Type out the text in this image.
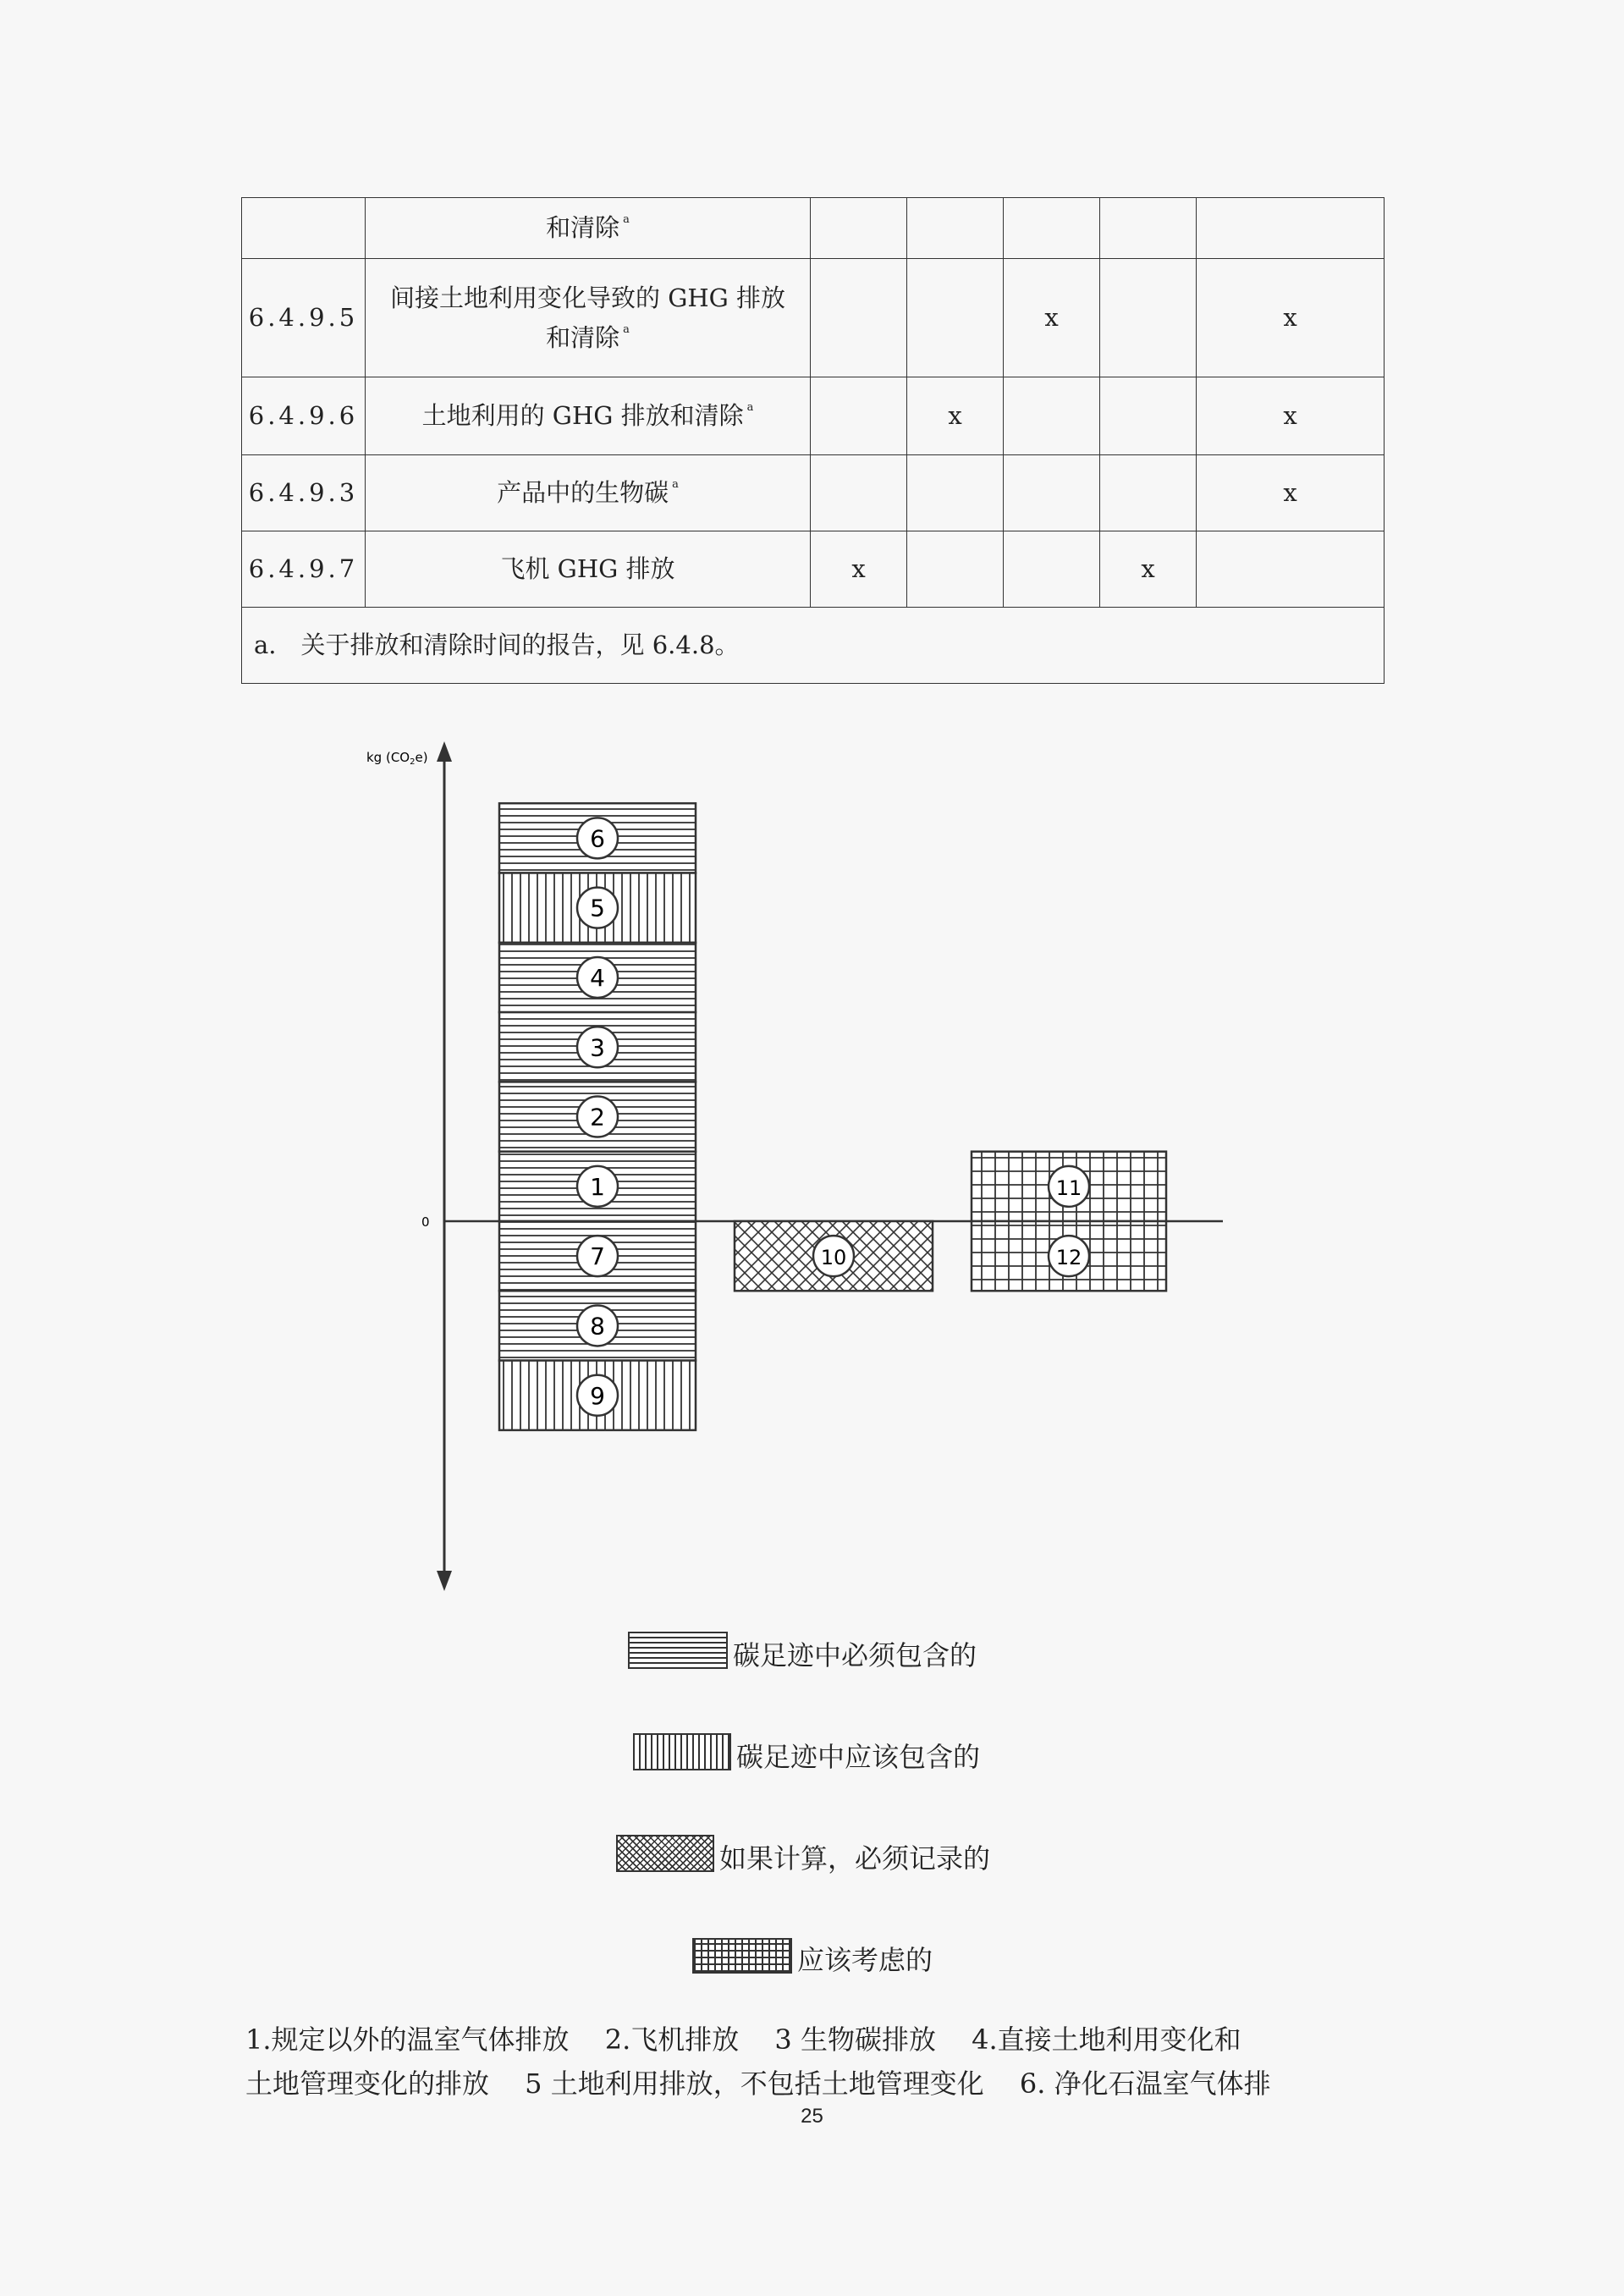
	和清除 $^a$

6.4.9.5	间接土地利用变化导致的 GHG 排放
和清除 $^a$			x		x
6.4.9.6	土地利用的 GHG 排放和清除 $^a$		x			x
6.4.9.3	产品中的生物碳 $^a$					x
6.4.9.7	飞机 GHG 排放	x			x	
a.　关于排放和清除时间的报告，见 6.4.8。						
kg $(CO_2e)$
0
6
5
4
3
2
1
7
8
9
10
11
12
碳足迹中必须包含的
碳足迹中应该包含的
如果计算，必须记录的
应该考虑的
1.规定以外的温室气体排放　 2.飞机排放　 3 生物碳排放　 4.直接土地利用变化和
土地管理变化的排放　 5 土地利用排放，不包括土地管理变化　 6. 净化石温室气体排
25
